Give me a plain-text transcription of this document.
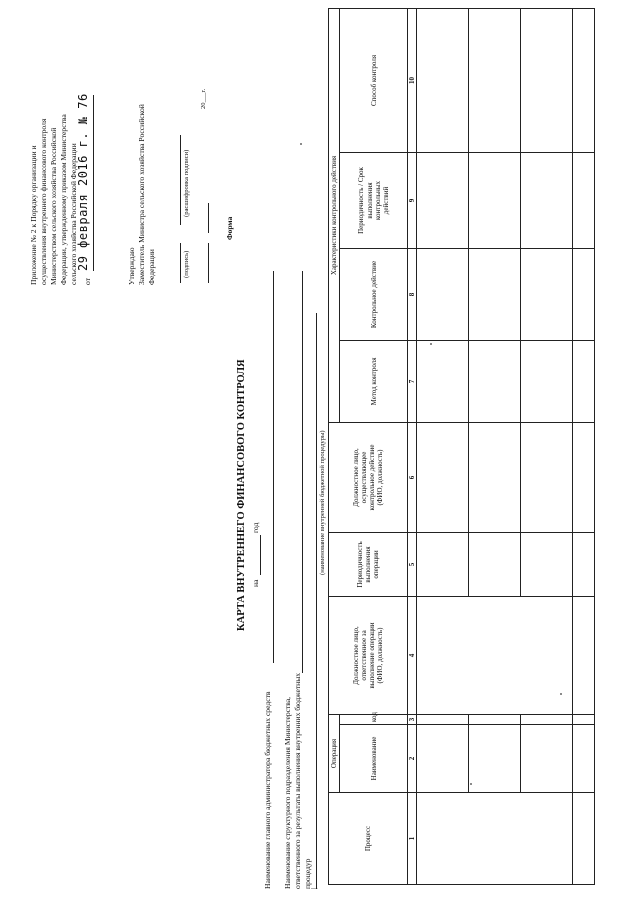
Приложение № 2 к Порядку организации и осуществления внутреннего финансового контроля Министерством сельского хозяйства Российской Федерации, утвержденному приказом Министерства сельского хозяйства Российской Федерации от
29 февраля 2016 г. № 76	Утверждаю Заместитель Министра сельского хозяйства Российской Федерации	(подпись)
(расшифровка подписи)
20___г.
Форма
КАРТА ВНУТРЕННЕГО ФИНАНСОВОГО КОНТРОЛЯ на
год
Наименование главного администратора бюджетных средств Наименование структурного подразделения Министерства, ответственного за результаты выполнения внутренних бюджетных процедур
|
(наименование внутренней бюджетной процедуры)
Процесс	Операция		Должностное лицо,
ответственное за
выполнение операции
(ФИО, должность)	Периодичность
выполнения
операции	Должностное лицо,
осуществляющее
контрольное действие
(ФИО, должность)	Характеристики контрольного действия			
	Наименование	код				Метод контроля	Контрольное действие	Периодичность / Срок
выполнения
контрольных
действий	Способ контроля

1	2	3	4	5	6	7	8	9	10
